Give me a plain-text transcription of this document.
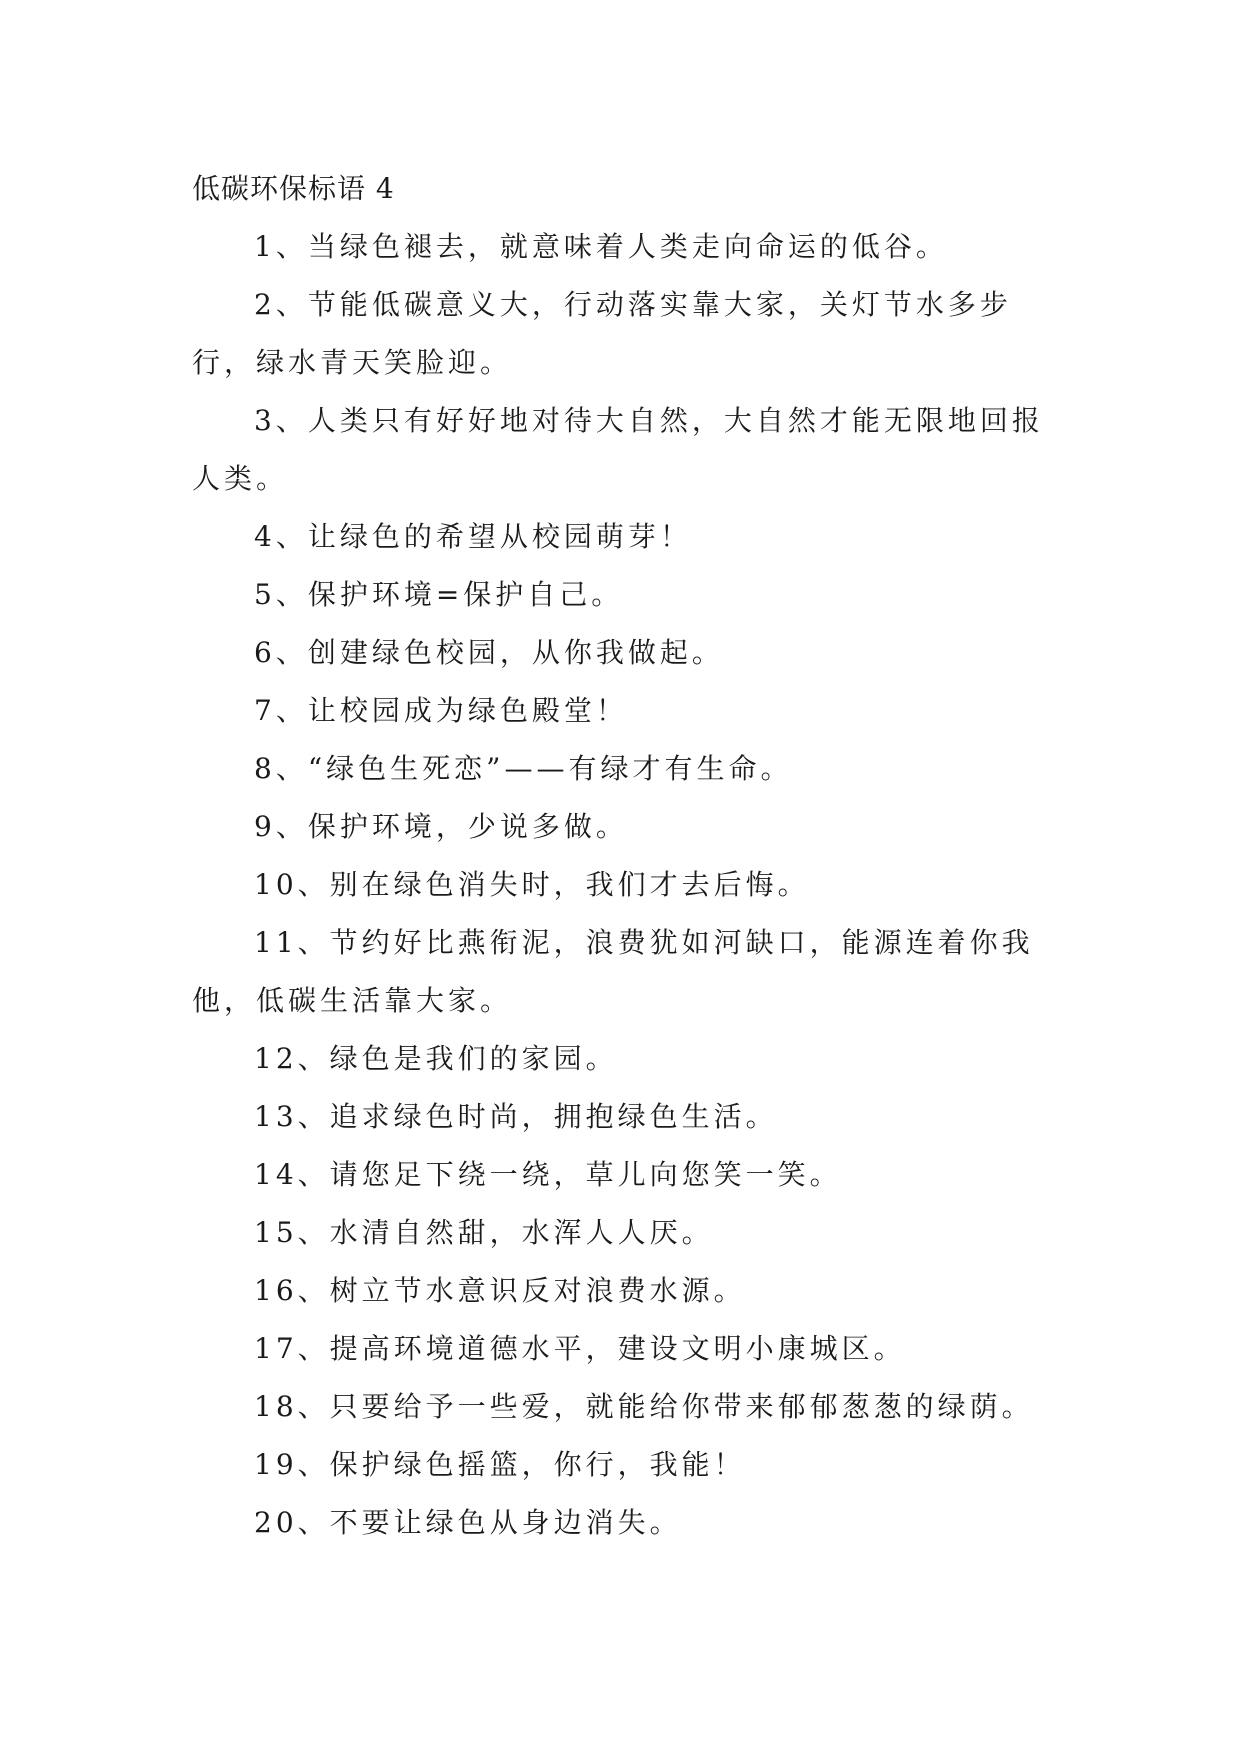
低碳环保标语 4

1、当绿色褪去，就意味着人类走向命运的低谷。

2、节能低碳意义大，行动落实靠大家，关灯节水多步行，绿水青天笑脸迎。

3、人类只有好好地对待大自然，大自然才能无限地回报人类。

4、让绿色的希望从校园萌芽！

5、保护环境=保护自己。

6、创建绿色校园，从你我做起。

7、让校园成为绿色殿堂！

8、“绿色生死恋”——有绿才有生命。

9、保护环境，少说多做。

10、别在绿色消失时，我们才去后悔。

11、节约好比燕衔泥，浪费犹如河缺口，能源连着你我他，低碳生活靠大家。

12、绿色是我们的家园。

13、追求绿色时尚，拥抱绿色生活。

14、请您足下绕一绕，草儿向您笑一笑。

15、水清自然甜，水浑人人厌。

16、树立节水意识反对浪费水源。

17、提高环境道德水平，建设文明小康城区。

18、只要给予一些爱，就能给你带来郁郁葱葱的绿荫。

19、保护绿色摇篮，你行，我能！

20、不要让绿色从身边消失。
